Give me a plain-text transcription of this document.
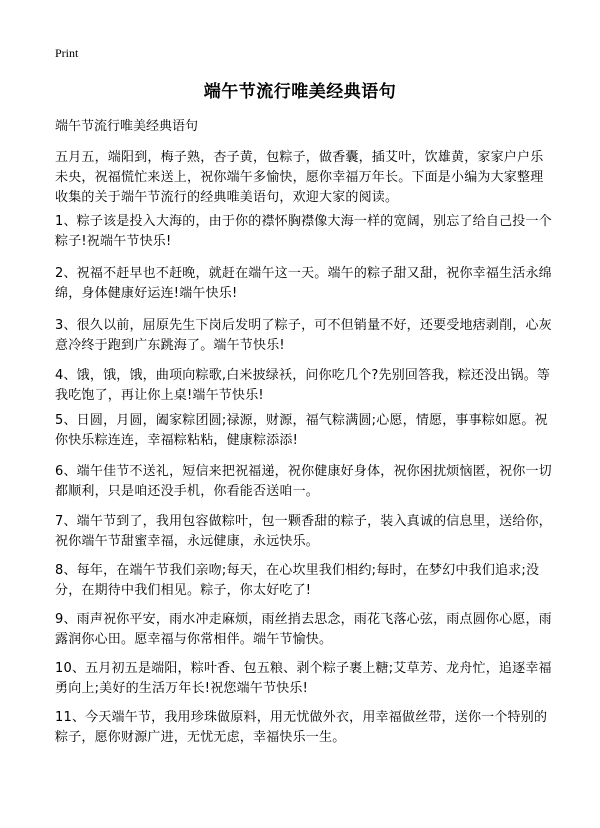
Print
端午节流行唯美经典语句
端午节流行唯美经典语句
五月五，端阳到，梅子熟，杏子黄，包粽子，做香囊，插艾叶，饮雄黄，家家户户乐未央，祝福慌忙来送上，祝你端午多愉快，愿你幸福万年长。下面是小编为大家整理收集的关于端午节流行的经典唯美语句，欢迎大家的阅读。
1、粽子该是投入大海的，由于你的襟怀胸襟像大海一样的宽阔，别忘了给自己投一个粽子!祝端午节快乐!
2、祝福不赶早也不赶晚，就赶在端午这一天。端午的粽子甜又甜，祝你幸福生活永绵绵，身体健康好运连!端午快乐!
3、很久以前，屈原先生下岗后发明了粽子，可不但销量不好，还要受地痞剥削，心灰意冷终于跑到广东跳海了。端午节快乐!
4、饿，饿，饿，曲项向粽歌,白米披绿袄，问你吃几个?先别回答我，粽还没出锅。等我吃饱了，再让你上桌!端午节快乐!
5、日圆，月圆，阖家粽团圆;禄源，财源，福气粽满圆;心愿，情愿，事事粽如愿。祝你快乐粽连连，幸福粽粘粘，健康粽添添!
6、端午佳节不送礼，短信来把祝福递，祝你健康好身体，祝你困扰烦恼匿，祝你一切都顺利，只是咱还没手机，你看能否送咱一。
7、端午节到了，我用包容做粽叶，包一颗香甜的粽子，装入真诚的信息里，送给你，祝你端午节甜蜜幸福，永远健康，永远快乐。
8、每年，在端午节我们亲吻;每天，在心坎里我们相约;每时，在梦幻中我们追求;没分，在期待中我们相见。粽子，你太好吃了!
9、雨声祝你平安，雨水冲走麻烦，雨丝捎去思念，雨花飞落心弦，雨点圆你心愿，雨露润你心田。愿幸福与你常相伴。端午节愉快。
10、五月初五是端阳，粽叶香、包五粮、剥个粽子裹上糖;艾草芳、龙舟忙，追逐幸福勇向上;美好的生活万年长!祝您端午节快乐!
11、今天端午节，我用珍珠做原料，用无忧做外衣，用幸福做丝带，送你一个特别的粽子，愿你财源广进，无忧无虑，幸福快乐一生。
